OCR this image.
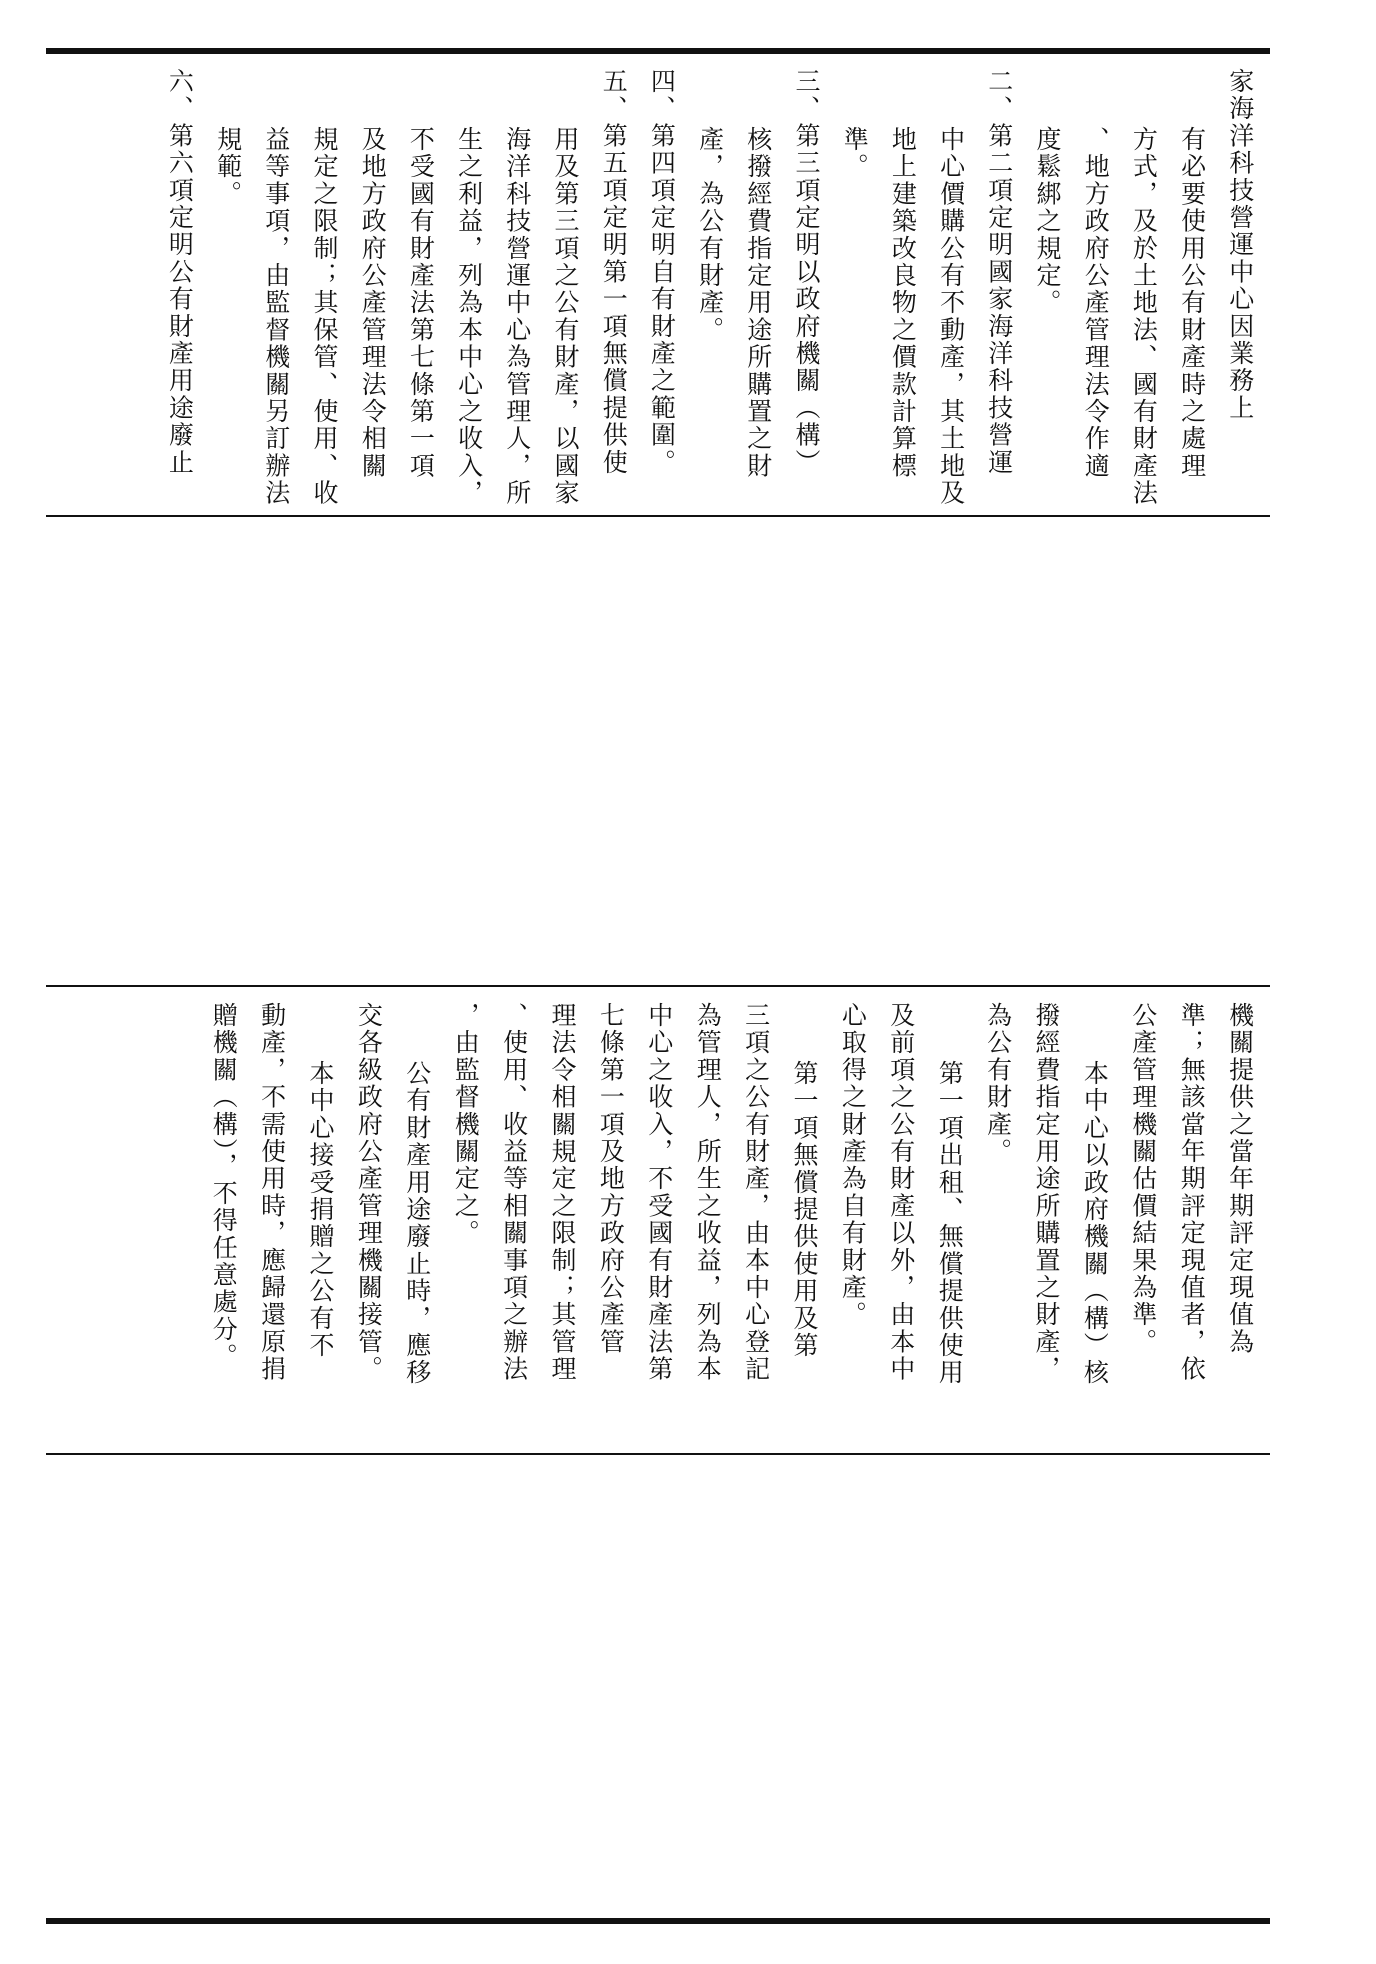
家海洋科技營運中心因業務上
有必要使用公有財產時之處理
方式，及於土地法、國有財產法
、地方政府公產管理法令作適
度鬆綁之規定。
二、第二項定明國家海洋科技營運
中心價購公有不動產，其土地及
地上建築改良物之價款計算標
準。
三、第三項定明以政府機關（構）
核撥經費指定用途所購置之財
產，為公有財產。
四、第四項定明自有財產之範圍。
五、第五項定明第一項無償提供使
用及第三項之公有財產，以國家
海洋科技營運中心為管理人，所
生之利益，列為本中心之收入，
不受國有財產法第七條第一項
及地方政府公產管理法令相關
規定之限制；其保管、使用、收
益等事項，由監督機關另訂辦法
規範。
六、第六項定明公有財產用途廢止
機關提供之當年期評定現值為
準；無該當年期評定現值者，依
公產管理機關估價結果為準。
本中心以政府機關（構）核
撥經費指定用途所購置之財產，
為公有財產。
第一項出租、無償提供使用
及前項之公有財產以外，由本中
心取得之財產為自有財產。
第一項無償提供使用及第
三項之公有財產，由本中心登記
為管理人，所生之收益，列為本
中心之收入，不受國有財產法第
七條第一項及地方政府公產管
理法令相關規定之限制；其管理
、使用、收益等相關事項之辦法
，由監督機關定之。
公有財產用途廢止時，應移
交各級政府公產管理機關接管。
本中心接受捐贈之公有不
動產，不需使用時，應歸還原捐
贈機關（構），不得任意處分。
